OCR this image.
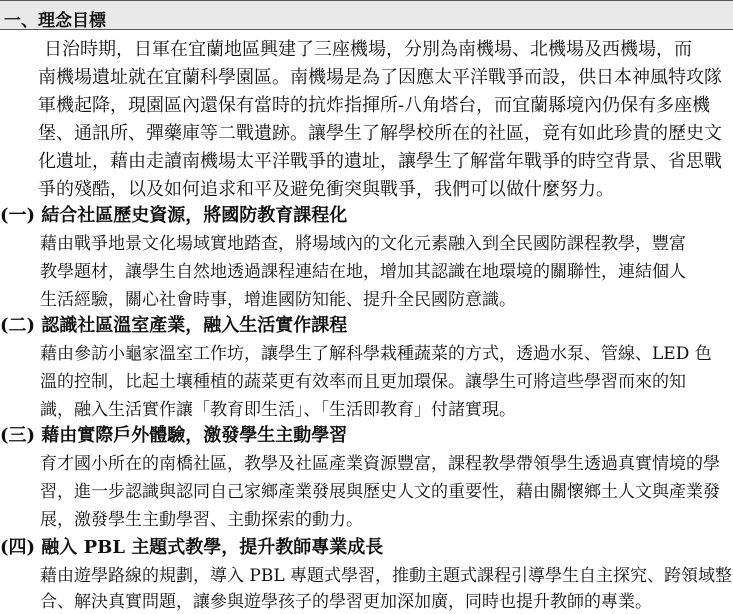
一、理念目標
　　日治時期，日軍在宜蘭地區興建了三座機場，分別為南機場、北機場及西機場，而
南機場遺址就在宜蘭科學園區。南機場是為了因應太平洋戰爭而設，供日本神風特攻隊
軍機起降，現園區內還保有當時的抗炸指揮所-八角塔台，而宜蘭縣境內仍保有多座機
堡、通訊所、彈藥庫等二戰遺跡。讓學生了解學校所在的社區，竟有如此珍貴的歷史文
化遺址，藉由走讀南機場太平洋戰爭的遺址，讓學生了解當年戰爭的時空背景、省思戰
爭的殘酷，以及如何追求和平及避免衝突與戰爭，我們可以做什麼努力。
(一) 結合社區歷史資源，將國防教育課程化
藉由戰爭地景文化場域實地踏查，將場域內的文化元素融入到全民國防課程教學，豐富
教學題材，讓學生自然地透過課程連結在地，增加其認識在地環境的關聯性，連結個人
生活經驗，關心社會時事，增進國防知能、提升全民國防意識。
(二) 認識社區溫室產業，融入生活實作課程
藉由參訪小龜家溫室工作坊，讓學生了解科學栽種蔬菜的方式，透過水泵、管線、LED 色
溫的控制，比起土壤種植的蔬菜更有效率而且更加環保。讓學生可將這些學習而來的知
識，融入生活實作讓「教育即生活」、「生活即教育」付諸實現。
(三) 藉由實際戶外體驗，激發學生主動學習
育才國小所在的南橋社區，教學及社區產業資源豐富，課程教學帶領學生透過真實情境的學
習，進一步認識與認同自己家鄉產業發展與歷史人文的重要性，藉由關懷鄉土人文與產業發
展，激發學生主動學習、主動探索的動力。
(四) 融入 PBL 主題式教學，提升教師專業成長
藉由遊學路線的規劃，導入 PBL 專題式學習，推動主題式課程引導學生自主探究、跨領域整
合、解決真實問題，讓參與遊學孩子的學習更加深加廣，同時也提升教師的專業。
